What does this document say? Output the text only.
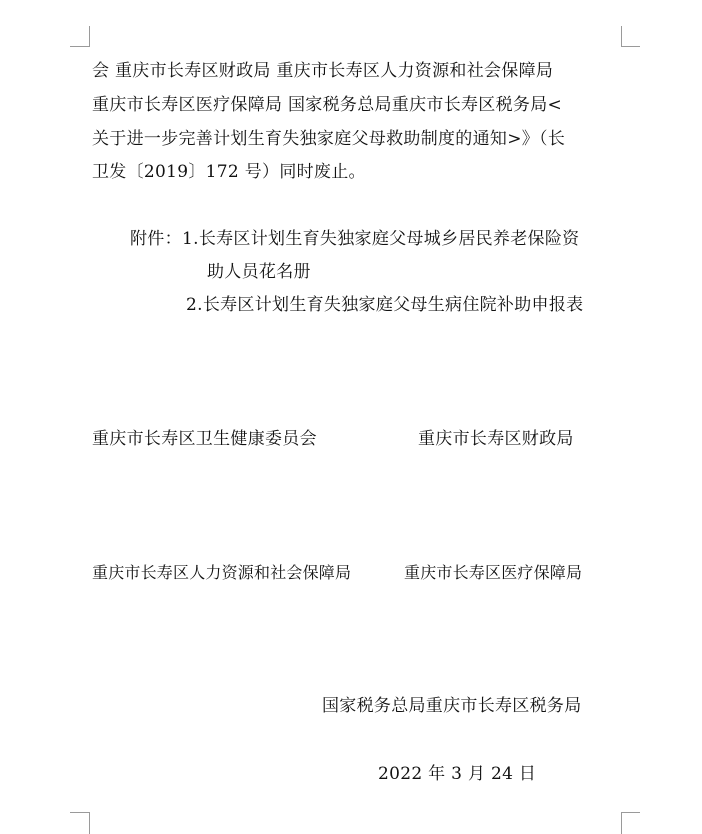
会 重庆市长寿区财政局 重庆市长寿区人力资源和社会保障局
重庆市长寿区医疗保障局 国家税务总局重庆市长寿区税务局<
关于进一步完善计划生育失独家庭父母救助制度的通知>》（长
卫发〔2019〕172 号）同时废止。
附件： 1.长寿区计划生育失独家庭父母城乡居民养老保险资
助人员花名册
2.长寿区计划生育失独家庭父母生病住院补助申报表
重庆市长寿区卫生健康委员会	重庆市长寿区财政局
重庆市长寿区人力资源和社会保障局	重庆市长寿区医疗保障局
国家税务总局重庆市长寿区税务局
2022 年 3 月 24 日
